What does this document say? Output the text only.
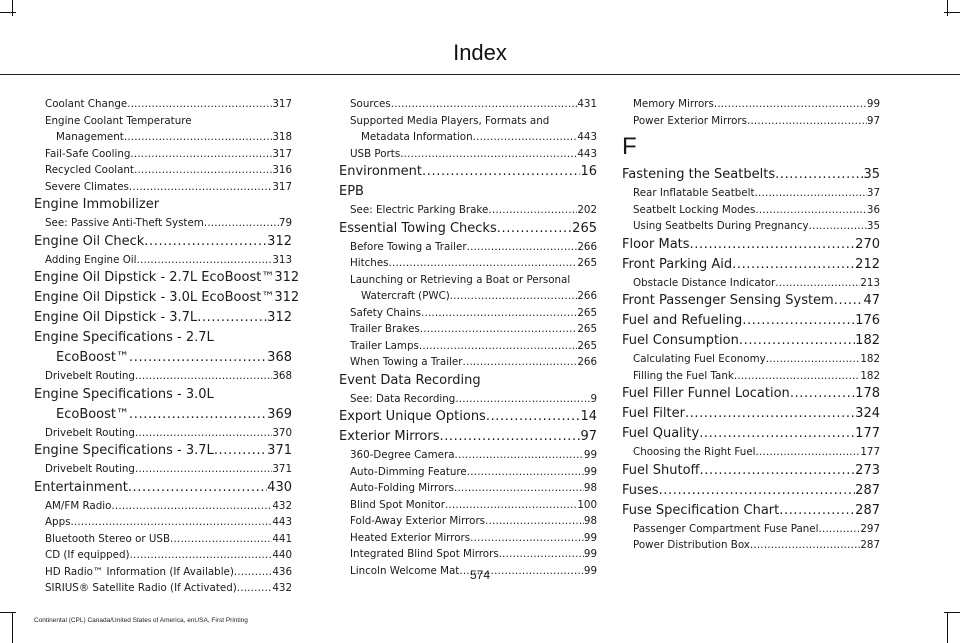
Index
Coolant Change .....	317
Engine Coolant Temperature
Management .....	318
Fail-Safe Cooling .....	317
Recycled Coolant .....	316
Severe Climates .....	317
Engine Immobilizer
See: Passive Anti-Theft System .....	79
Engine Oil Check .....	312
Adding Engine Oil .....	313
Engine Oil Dipstick - 2.7L EcoBoost™ 312
Engine Oil Dipstick - 3.0L EcoBoost™ 312
Engine Oil Dipstick - 3.7L .....	312
Engine Specifications - 2.7L
EcoBoost™ .....	368
Drivebelt Routing .....	368
Engine Specifications - 3.0L
EcoBoost™ .....	369
Drivebelt Routing .....	370
Engine Specifications - 3.7L .....	371
Drivebelt Routing .....	371
Entertainment .....	430
AM/FM Radio .....	432
Apps .....	443
Bluetooth Stereo or USB .....	441
CD (If equipped) .....	440
HD Radio™ Information (If Available) .....	436
SIRIUS® Satellite Radio (If Activated) .....	432
Sources .....	431
Supported Media Players, Formats and
Metadata Information .....	443
USB Ports .....	443
Environment .....	16
EPB
See: Electric Parking Brake .....	202
Essential Towing Checks .....	265
Before Towing a Trailer .....	266
Hitches .....	265
Launching or Retrieving a Boat or Personal
Watercraft (PWC) .....	266
Safety Chains .....	265
Trailer Brakes .....	265
Trailer Lamps .....	265
When Towing a Trailer .....	266
Event Data Recording
See: Data Recording .....	9
Export Unique Options .....	14
Exterior Mirrors .....	97
360-Degree Camera .....	99
Auto-Dimming Feature .....	99
Auto-Folding Mirrors .....	98
Blind Spot Monitor .....	100
Fold-Away Exterior Mirrors .....	98
Heated Exterior Mirrors .....	99
Integrated Blind Spot Mirrors .....	99
Lincoln Welcome Mat .....	99
Memory Mirrors .....	99
Power Exterior Mirrors .....	97
F
Fastening the Seatbelts .....	35
Rear Inflatable Seatbelt .....	37
Seatbelt Locking Modes .....	36
Using Seatbelts During Pregnancy .....	35
Floor Mats .....	270
Front Parking Aid .....	212
Obstacle Distance Indicator .....	213
Front Passenger Sensing System ..... 47
Fuel and Refueling .....	176
Fuel Consumption .....	182
Calculating Fuel Economy .....	182
Filling the Fuel Tank .....	182
Fuel Filler Funnel Location .....	178
Fuel Filter .....	324
Fuel Quality .....	177
Choosing the Right Fuel .....	177
Fuel Shutoff .....	273
Fuses .....	287
Fuse Specification Chart .....	287
Passenger Compartment Fuse Panel .....	297
Power Distribution Box .....	287
574
Continental (CPL) Canada/United States of America, enUSA, First Printing
